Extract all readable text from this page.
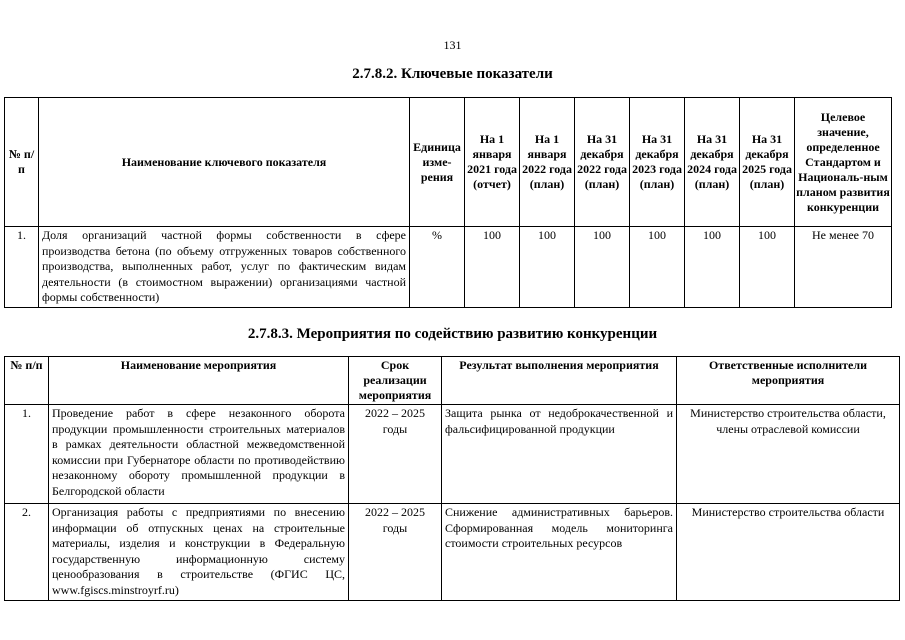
131
2.7.8.2. Ключевые показатели
№ п/п	Наименование ключевого показателя	Единица изме-рения	На 1 января 2021 года (отчет)	На 1 января 2022 года (план)	На 31 декабря 2022 года (план)	На 31 декабря 2023 года (план)	На 31 декабря 2024 года (план)	На 31 декабря 2025 года (план)	Целевое значение, определенное Стандартом и Националь-ным планом развития конкуренции
1.	Доля организаций частной формы собственности в сфере производства бетона (по объему отгруженных товаров собственного производства, выполненных работ, услуг по фактическим видам деятельности (в стоимостном выражении) организациями частной формы собственности)	%	100	100	100	100	100	100	Не менее 70
2.7.8.3. Мероприятия по содействию развитию конкуренции
№ п/п	Наименование мероприятия	Срок реализации мероприятия	Результат выполнения мероприятия	Ответственные исполнители мероприятия
1.	Проведение работ в сфере незаконного оборота продукции промышленности строительных материалов в рамках деятельности областной межведомственной комиссии при Губернаторе области по противодействию незаконному обороту промышленной продукции в Белгородской области	2022 – 2025 годы	Защита рынка от недоброкачественной и фальсифицированной продукции	Министерство строительства области, члены отраслевой комиссии
2.	Организация работы с предприятиями по внесению информации об отпускных ценах на строительные материалы, изделия и конструкции в Федеральную государственную информационную систему ценообразования в строительстве (ФГИС ЦС, www.fgiscs.minstroyrf.ru)	2022 – 2025 годы	Снижение административных барьеров. Сформированная модель мониторинга стоимости строительных ресурсов	Министерство строительства области
